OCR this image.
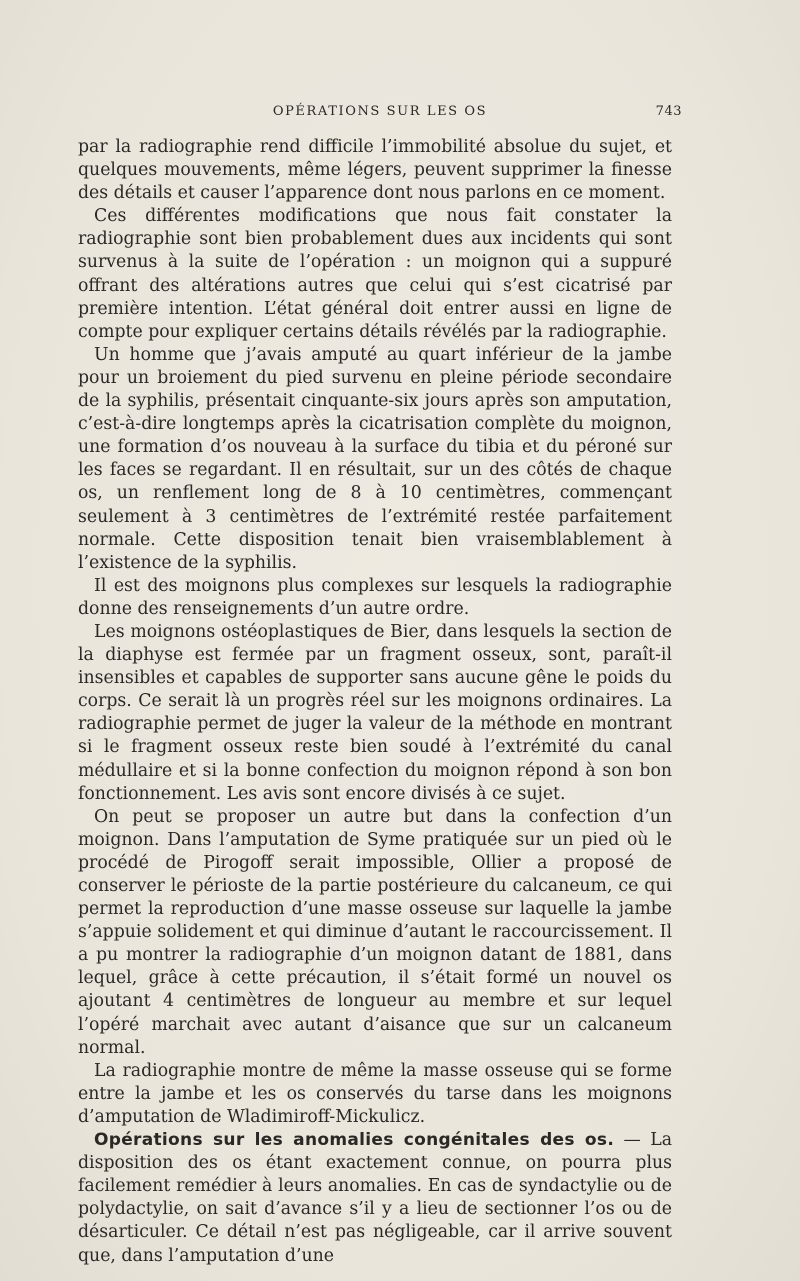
OPÉRATIONS SUR LES OS	743

par la radiographie rend difficile l’immobilité absolue du sujet, et quelques mouvements, même légers, peuvent supprimer la finesse des détails et causer l’apparence dont nous parlons en ce moment.

Ces différentes modifications que nous fait constater la radiographie sont bien probablement dues aux incidents qui sont survenus à la suite de l’opération : un moignon qui a suppuré offrant des altérations autres que celui qui s’est cicatrisé par première intention. L’état général doit entrer aussi en ligne de compte pour expliquer certains détails révélés par la radiographie.

Un homme que j’avais amputé au quart inférieur de la jambe pour un broiement du pied survenu en pleine période secondaire de la syphilis, présentait cinquante-six jours après son amputation, c’est-à-dire longtemps après la cicatrisation complète du moignon, une formation d’os nouveau à la surface du tibia et du péroné sur les faces se regardant. Il en résultait, sur un des côtés de chaque os, un renflement long de 8 à 10 centimètres, commençant seulement à 3 centimètres de l’extrémité restée parfaitement normale. Cette disposition tenait bien vraisemblablement à l’existence de la syphilis.

Il est des moignons plus complexes sur lesquels la radiographie donne des renseignements d’un autre ordre.

Les moignons ostéoplastiques de Bier, dans lesquels la section de la diaphyse est fermée par un fragment osseux, sont, paraît-il insensibles et capables de supporter sans aucune gêne le poids du corps. Ce serait là un progrès réel sur les moignons ordinaires. La radiographie permet de juger la valeur de la méthode en montrant si le fragment osseux reste bien soudé à l’extrémité du canal médullaire et si la bonne confection du moignon répond à son bon fonctionnement. Les avis sont encore divisés à ce sujet.

On peut se proposer un autre but dans la confection d’un moignon. Dans l’amputation de Syme pratiquée sur un pied où le procédé de Pirogoff serait impossible, Ollier a proposé de conserver le périoste de la partie postérieure du calcaneum, ce qui permet la reproduction d’une masse osseuse sur laquelle la jambe s’appuie solidement et qui diminue d’autant le raccourcissement. Il a pu montrer la radiographie d’un moignon datant de 1881, dans lequel, grâce à cette précaution, il s’était formé un nouvel os ajoutant 4 centimètres de longueur au membre et sur lequel l’opéré marchait avec autant d’aisance que sur un calcaneum normal.

La radiographie montre de même la masse osseuse qui se forme entre la jambe et les os conservés du tarse dans les moignons d’amputation de Wladimiroff-Mickulicz.

Opérations sur les anomalies congénitales des os. — La disposition des os étant exactement connue, on pourra plus facilement remédier à leurs anomalies. En cas de syndactylie ou de polydactylie, on sait d’avance s’il y a lieu de sectionner l’os ou de désarticuler. Ce détail n’est pas négligeable, car il arrive souvent que, dans l’amputation d’une
